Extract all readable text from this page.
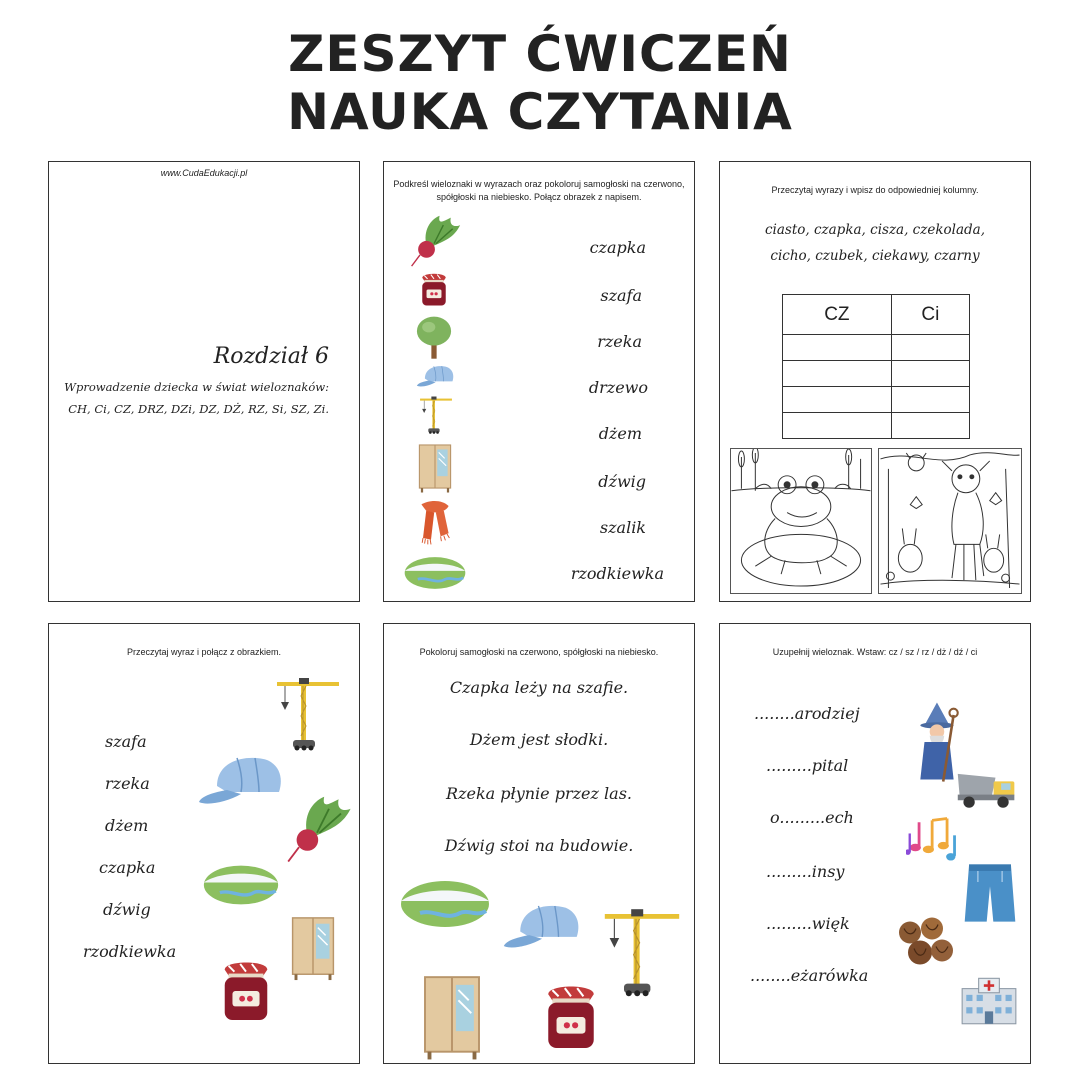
ZESZYT ĆWICZEŃ
NAUKA CZYTANIA
www.CudaEdukacji.pl
Rozdział 6
Wprowadzenie dziecka w świat wieloznaków:
CH, Ci, CZ, DRZ, DZi, DZ, DŻ, RZ, Si, SZ, Zi.
Podkreśl wieloznaki w wyrazach oraz pokoloruj samogłoski na czerwono, spółgłoski na niebiesko. Połącz obrazek z napisem.
czapka
szafa
rzeka
drzewo
dżem
dźwig
szalik
rzodkiewka
Przeczytaj wyrazy i wpisz do odpowiedniej kolumny.
ciasto, czapka, cisza, czekolada,
cicho, czubek, ciekawy, czarny
CZ	Ci

Przeczytaj wyraz i połącz z obrazkiem.
szafa
rzeka
dżem
czapka
dźwig
rzodkiewka
Pokoloruj samogłoski na czerwono, spółgłoski na niebiesko.
Czapka leży na szafie.
Dżem jest słodki.
Rzeka płynie przez las.
Dźwig stoi na budowie.
Uzupełnij wieloznak. Wstaw: cz / sz / rz / dż / dź / ci
........arodziej
.........pital
o.........ech
.........insy
.........więk
........eżarówka
